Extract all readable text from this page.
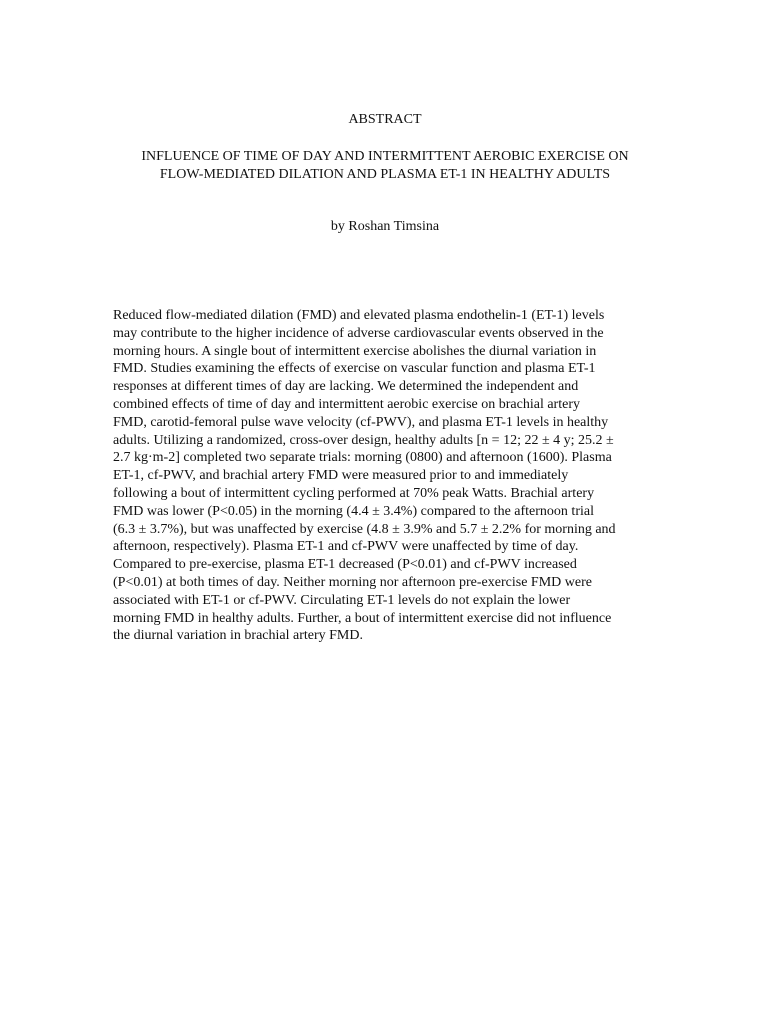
ABSTRACT
INFLUENCE OF TIME OF DAY AND INTERMITTENT AEROBIC EXERCISE ON
FLOW-MEDIATED DILATION AND PLASMA ET-1 IN HEALTHY ADULTS
by Roshan Timsina
Reduced flow-mediated dilation (FMD) and elevated plasma endothelin-1 (ET-1) levels
may contribute to the higher incidence of adverse cardiovascular events observed in the
morning hours. A single bout of intermittent exercise abolishes the diurnal variation in
FMD. Studies examining the effects of exercise on vascular function and plasma ET-1
responses at different times of day are lacking. We determined the independent and
combined effects of time of day and intermittent aerobic exercise on brachial artery
FMD, carotid-femoral pulse wave velocity (cf-PWV), and plasma ET-1 levels in healthy
adults. Utilizing a randomized, cross-over design, healthy adults [n = 12; 22 ± 4 y; 25.2 ±
2.7 kg·m-2] completed two separate trials: morning (0800) and afternoon (1600). Plasma
ET-1, cf-PWV, and brachial artery FMD were measured prior to and immediately
following a bout of intermittent cycling performed at 70% peak Watts. Brachial artery
FMD was lower (P<0.05) in the morning (4.4 ± 3.4%) compared to the afternoon trial
(6.3 ± 3.7%), but was unaffected by exercise (4.8 ± 3.9% and 5.7 ± 2.2% for morning and
afternoon, respectively). Plasma ET-1 and cf-PWV were unaffected by time of day.
Compared to pre-exercise, plasma ET-1 decreased (P<0.01) and cf-PWV increased
(P<0.01) at both times of day. Neither morning nor afternoon pre-exercise FMD were
associated with ET-1 or cf-PWV. Circulating ET-1 levels do not explain the lower
morning FMD in healthy adults. Further, a bout of intermittent exercise did not influence
the diurnal variation in brachial artery FMD.
